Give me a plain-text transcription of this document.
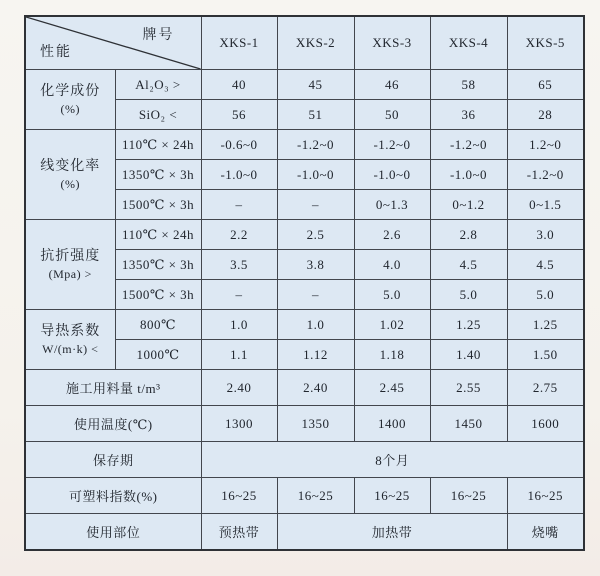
牌号
性能		XKS-1	XKS-2	XKS-3	XKS-4	XKS-5

化学成份
(%)	Al₂O₃ >	40	45	46	58	65
	SiO₂ <	56	51	50	36	28

线变化率
(%)	110℃ × 24h	-0.6~0	-1.2~0	-1.2~0	-1.2~0	1.2~0
	1350℃ × 3h	-1.0~0	-1.0~0	-1.0~0	-1.0~0	-1.2~0
	1500℃ × 3h	–	–	0~1.3	0~1.2	0~1.5

抗折强度
(Mpa) >	110℃ × 24h	2.2	2.5	2.6	2.8	3.0
	1350℃ × 3h	3.5	3.8	4.0	4.5	4.5
	1500℃ × 3h	–	–	5.0	5.0	5.0

导热系数
W/(m·k) <	800℃	1.0	1.0	1.02	1.25	1.25
	1000℃	1.1	1.12	1.18	1.40	1.50
施工用料量 t/m³		2.40	2.40	2.45	2.55	2.75
使用温度(℃)		1300	1350	1400	1450	1600
保存期		8个月				
可塑料指数(%)		16~25	16~25	16~25	16~25	16~25
使用部位		预热带	加热带			烧嘴
